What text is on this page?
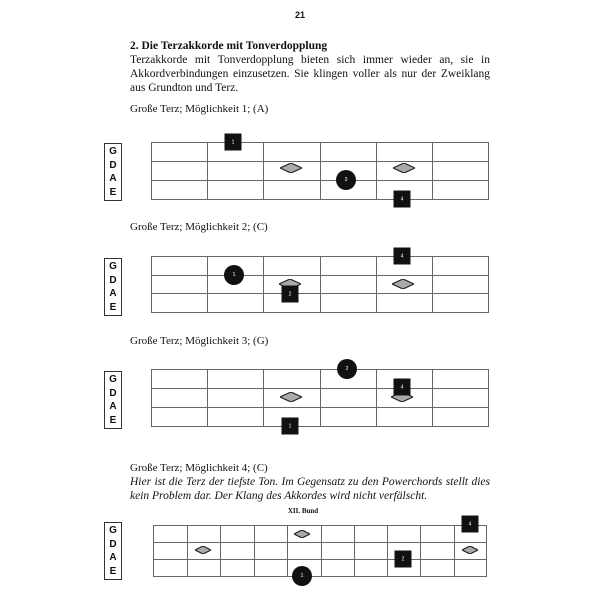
21
2. Die Terzakkorde mit Tonverdopplung
Terzakkorde mit Tonverdopplung bieten sich immer wieder an, sie in Akkordverbindungen einzusetzen. Sie klingen voller als nur der Zweiklang aus Grundton und Terz.
Große Terz; Möglichkeit 1; (A)
G
D
A
E
1
3
4
Große Terz; Möglichkeit 2; (C)
G
D
A
E
1
2
4
Große Terz; Möglichkeit 3; (G)
G
D
A
E
2
1
4
Große Terz; Möglichkeit 4; (C)
Hier ist die Terz der tiefste Ton. Im Gegensatz zu den Powerchords stellt dies kein Problem dar. Der Klang des Akkordes wird nicht verfälscht.
XII. Bund
G
D
A
E	1
2
4
